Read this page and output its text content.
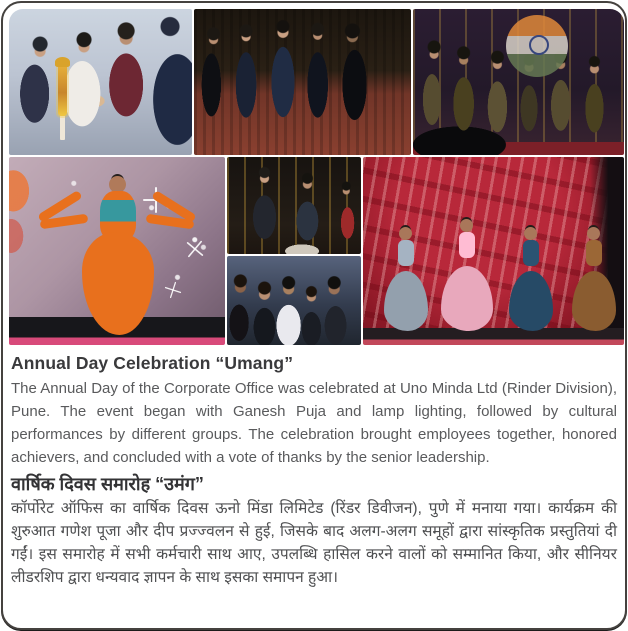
Annual Day Celebration “Umang”

The Annual Day of the Corporate Office was celebrated at Uno Minda Ltd (Rinder Division), Pune. The event began with Ganesh Puja and lamp lighting, followed by cultural performances by different groups. The celebration brought employees together, honored achievers, and concluded with a vote of thanks by the senior leadership.

वार्षिक दिवस समारोह “उमंग”

कॉर्पोरेट ऑफिस का वार्षिक दिवस ऊनो मिंडा लिमिटेड (रिंडर डिवीजन), पुणे में मनाया गया। कार्यक्रम की शुरुआत गणेश पूजा और दीप प्रज्ज्वलन से हुई, जिसके बाद अलग-अलग समूहों द्वारा सांस्कृतिक प्रस्तुतियां दी गईं। इस समारोह में सभी कर्मचारी साथ आए, उपलब्धि हासिल करने वालों को सम्मानित किया, और सीनियर लीडरशिप द्वारा धन्यवाद ज्ञापन के साथ इसका समापन हुआ।
